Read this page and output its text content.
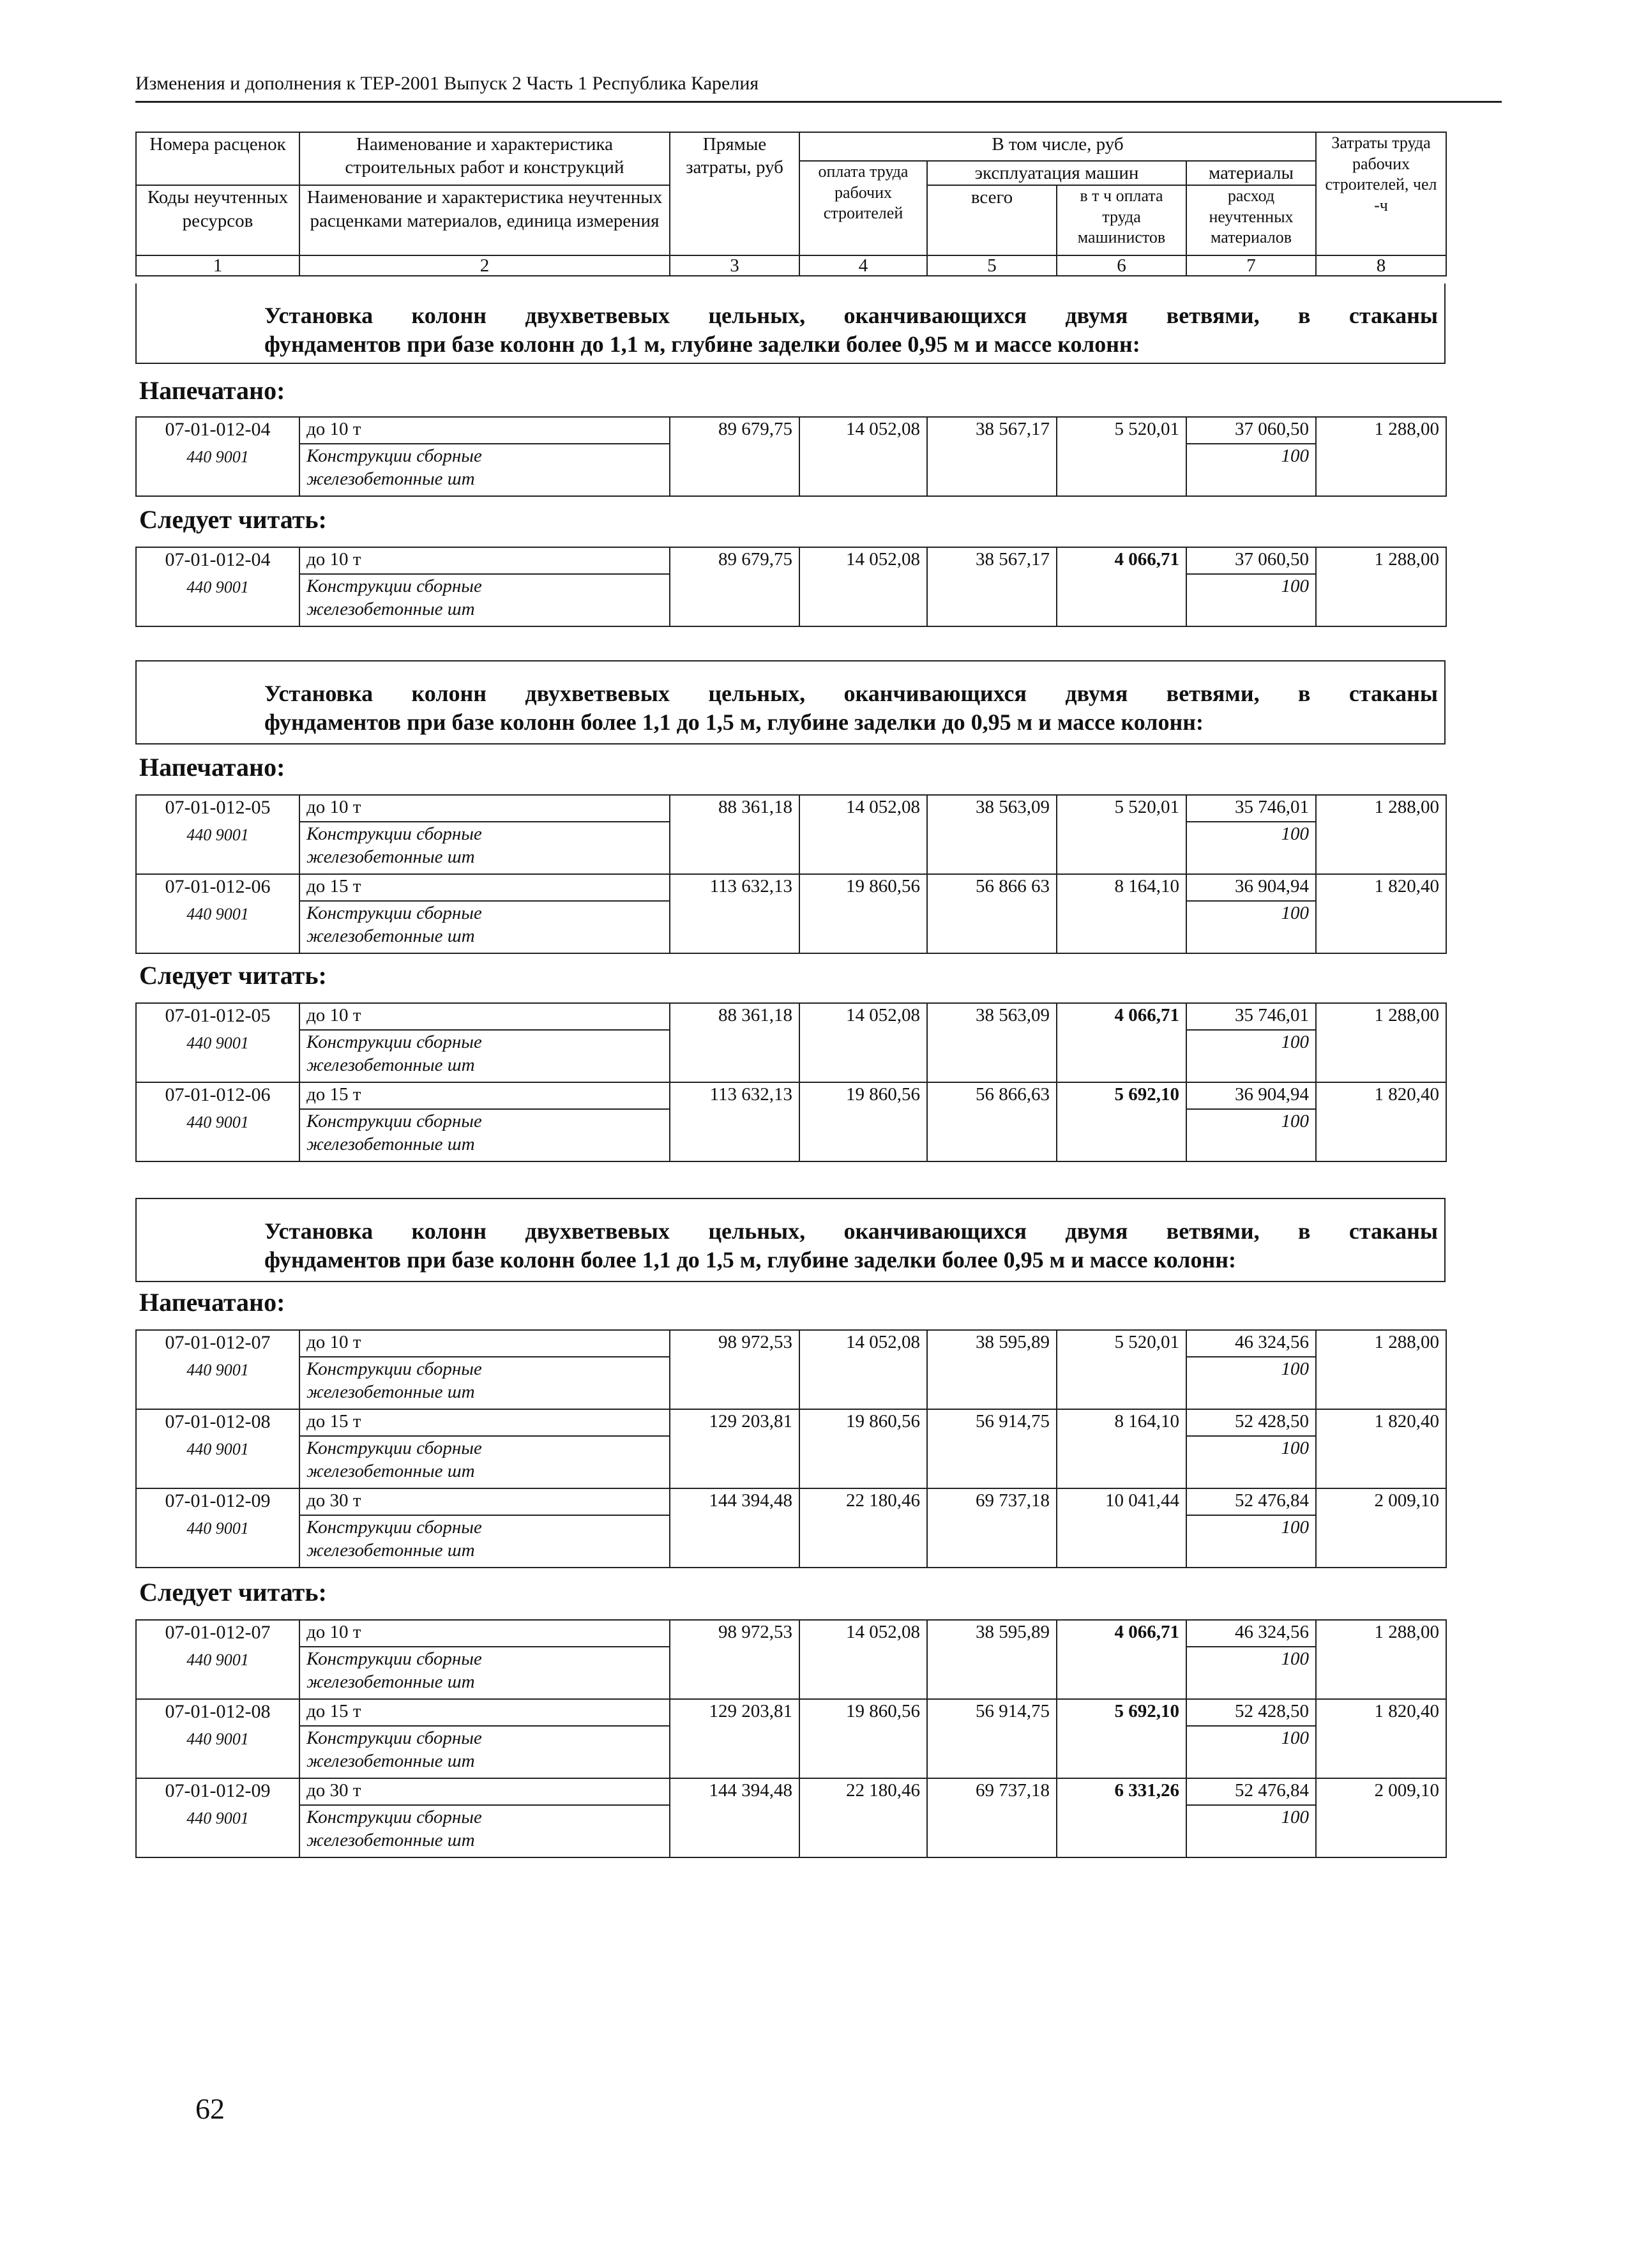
Изменения и дополнения к ТЕР-2001 Выпуск 2 Часть 1 Республика Карелия
Номера расценок	Наименование и характеристика строительных работ и конструкций	Прямые затраты, руб	В том числе, руб				Затраты труда рабочих строителей, чел -ч
			оплата труда рабочих строителей	эксплуатация машин		материалы	
Коды неучтенных ресурсов	Наименование и характеристика неучтенных расценками материалов, единица измерения			всего	в т ч оплата труда машинистов	расход неучтенных материалов	

1	2	3	4	5	6	7	8
Установка колонн двухветвевых цельных, оканчивающихся двумя ветвями, в стаканы
фундаментов при базе колонн до 1,1 м, глубине заделки более 0,95 м и массе колонн:
Напечатано:
07-01-012-04
440 9001	до 10 т	89 679,75	14 052,08	38 567,17	5 520,01	37 060,50	1 288,00

	Конструкции сборные
железобетонные шт					100	
Следует читать:
07-01-012-04
440 9001	до 10 т	89 679,75	14 052,08	38 567,17	4 066,71	37 060,50	1 288,00

	Конструкции сборные
железобетонные шт					100	
Установка колонн двухветвевых цельных, оканчивающихся двумя ветвями, в стаканы
фундаментов при базе колонн более 1,1 до 1,5 м, глубине заделки до 0,95 м и массе колонн:
Напечатано:
07-01-012-05
440 9001	до 10 т	88 361,18	14 052,08	38 563,09	5 520,01	35 746,01	1 288,00

	Конструкции сборные
железобетонные шт					100	

07-01-012-06
440 9001	до 15 т	113 632,13	19 860,56	56 866 63	8 164,10	36 904,94	1 820,40

	Конструкции сборные
железобетонные шт					100	
Следует читать:
07-01-012-05
440 9001	до 10 т	88 361,18	14 052,08	38 563,09	4 066,71	35 746,01	1 288,00

	Конструкции сборные
железобетонные шт					100	

07-01-012-06
440 9001	до 15 т	113 632,13	19 860,56	56 866,63	5 692,10	36 904,94	1 820,40

	Конструкции сборные
железобетонные шт					100	
Установка колонн двухветвевых цельных, оканчивающихся двумя ветвями, в стаканы
фундаментов при базе колонн более 1,1 до 1,5 м, глубине заделки более 0,95 м и массе колонн:
Напечатано:
07-01-012-07
440 9001	до 10 т	98 972,53	14 052,08	38 595,89	5 520,01	46 324,56	1 288,00

	Конструкции сборные
железобетонные шт					100	

07-01-012-08
440 9001	до 15 т	129 203,81	19 860,56	56 914,75	8 164,10	52 428,50	1 820,40

	Конструкции сборные
железобетонные шт					100	

07-01-012-09
440 9001	до 30 т	144 394,48	22 180,46	69 737,18	10 041,44	52 476,84	2 009,10

	Конструкции сборные
железобетонные шт					100	
Следует читать:
07-01-012-07
440 9001	до 10 т	98 972,53	14 052,08	38 595,89	4 066,71	46 324,56	1 288,00

	Конструкции сборные
железобетонные шт					100	

07-01-012-08
440 9001	до 15 т	129 203,81	19 860,56	56 914,75	5 692,10	52 428,50	1 820,40

	Конструкции сборные
железобетонные шт					100	

07-01-012-09
440 9001	до 30 т	144 394,48	22 180,46	69 737,18	6 331,26	52 476,84	2 009,10

	Конструкции сборные
железобетонные шт					100	
62
